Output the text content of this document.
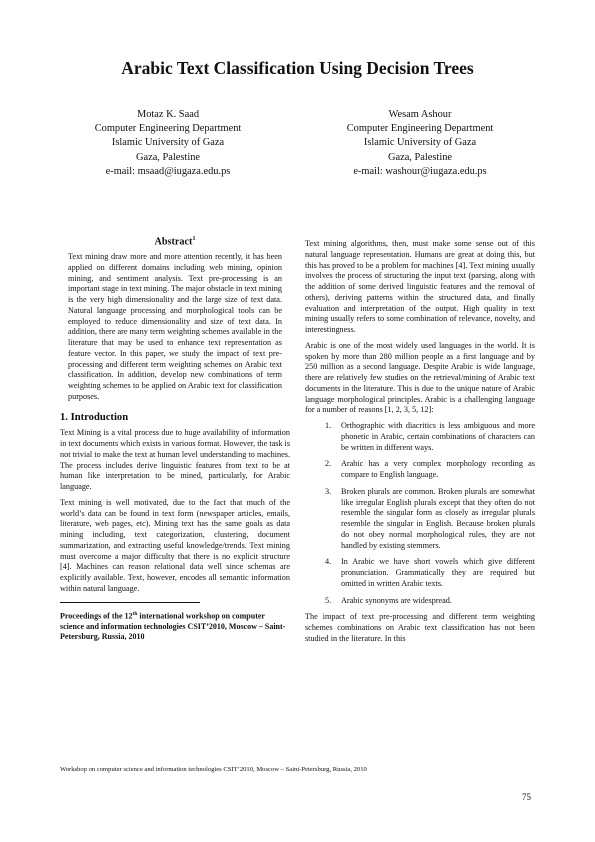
Arabic Text Classification Using Decision Trees
Motaz K. Saad
Computer Engineering Department
Islamic University of Gaza
Gaza, Palestine
e-mail: msaad@iugaza.edu.ps
Wesam Ashour
Computer Engineering Department
Islamic University of Gaza
Gaza, Palestine
e-mail: washour@iugaza.edu.ps
Abstract$^1$

Text mining draw more and more attention recently, it has been applied on different domains including web mining, opinion mining, and sentiment analysis. Text pre-processing is an important stage in text mining. The major obstacle in text mining is the very high dimensionality and the large size of text data. Natural language processing and morphological tools can be employed to reduce dimensionality and size of text data. In addition, there are many term weighting schemes available in the literature that may be used to enhance text representation as feature vector. In this paper, we study the impact of text pre-processing and different term weighting schemes on Arabic text classification. In addition, develop new combinations of term weighting schemes to be applied on Arabic text for classification purposes.

1. Introduction

Text Mining is a vital process due to huge availability of information in text documents which exists in various format. However, the task is not trivial to make the text at human level understanding to machines. The process includes derive linguistic features from text to be at human like interpretation to be mined, particularly, for Arabic language.

Text mining is well motivated, due to the fact that much of the world’s data can be found in text form (newspaper articles, emails, literature, web pages, etc). Mining text has the same goals as data mining including, text categorization, clustering, document summarization, and extracting useful knowledge/trends. Text mining must overcome a major difficulty that there is no explicit structure [4]. Machines can reason relational data well since schemas are explicitly available. Text, however, encodes all semantic information within natural language.

Proceedings of the 12th international workshop on computer science and information technologies CSIT’2010, Moscow – Saint-Petersburg, Russia, 2010

Text mining algorithms, then, must make some sense out of this natural language representation. Humans are great at doing this, but this has proved to be a problem for machines [4]. Text mining usually involves the process of structuring the input text (parsing, along with the addition of some derived linguistic features and the removal of others), deriving patterns within the structured data, and finally evaluation and interpretation of the output. High quality in text mining usually refers to some combination of relevance, novelty, and interestingness.

Arabic is one of the most widely used languages in the world. It is spoken by more than 280 million people as a first language and by 250 million as a second language. Despite Arabic is wide language, there are relatively few studies on the retrieval/mining of Arabic text documents in the literature. This is due to the unique nature of Arabic language morphological principles. Arabic is a challenging language for a number of reasons [1, 2, 3, 5, 12]:

1.	Orthographic with diacritics is less ambiguous and more phonetic in Arabic, certain combinations of characters can be written in different ways.
2.	Arabic has a very complex morphology recording as compare to English language.
3.	Broken plurals are common. Broken plurals are somewhat like irregular English plurals except that they often do not resemble the singular form as closely as irregular plurals resemble the singular in English. Because broken plurals do not obey normal morphological rules, they are not handled by existing stemmers.
4.	In Arabic we have short vowels which give different pronunciation. Grammatically they are required but omitted in written Arabic texts.
5.	Arabic synonyms are widespread.

The impact of text pre-processing and different term weighting schemes combinations on Arabic text classification has not been studied in the literature. In this

Workshop on computer science and information technologies CSIT’2010, Moscow – Saint-Petersburg, Russia, 2010
75
